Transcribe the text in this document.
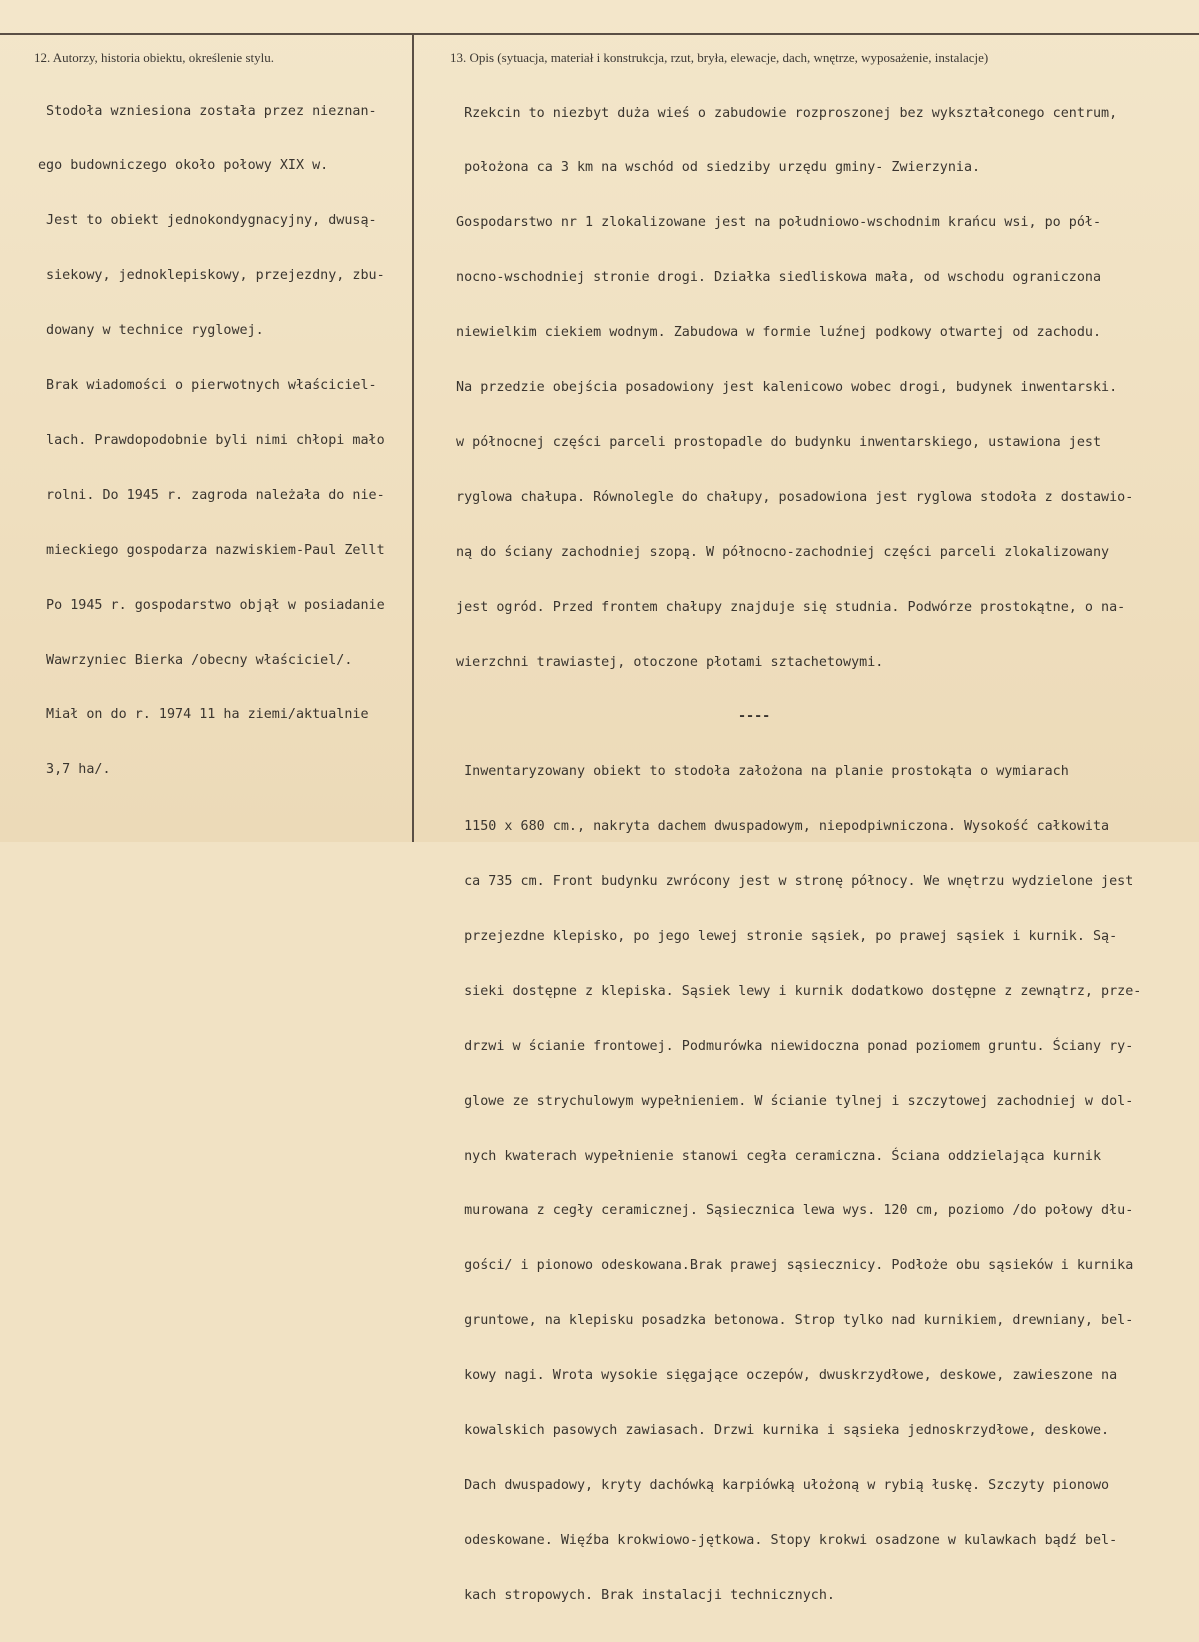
12. Autorzy, historia obiektu, określenie stylu.	13. Opis (sytuacja, materiał i konstrukcja, rzut, bryła, elewacje, dach, wnętrze, wyposażenie, instalacje)

Stodoła wzniesiona została przez nieznan-

ego budowniczego około połowy XIX w.

Jest to obiekt jednokondygnacyjny, dwusą-

siekowy, jednoklepiskowy, przejezdny, zbu-

dowany w technice ryglowej.

Brak wiadomości o pierwotnych właściciel-

lach. Prawdopodobnie byli nimi chłopi mało

rolni. Do 1945 r. zagroda należała do nie-

mieckiego gospodarza nazwiskiem-Paul Zellt

Po 1945 r. gospodarstwo objął w posiadanie

Wawrzyniec Bierka /obecny właściciel/.

Miał on do r. 1974 11 ha ziemi/aktualnie

3,7 ha/.

Rzekcin to niezbyt duża wieś o zabudowie rozproszonej bez wykształconego centrum,

położona ca 3 km na wschód od siedziby urzędu gminy- Zwierzynia.

Gospodarstwo nr 1 zlokalizowane jest na południowo-wschodnim krańcu wsi, po pół-

nocno-wschodniej stronie drogi. Działka siedliskowa mała, od wschodu ograniczona

niewielkim ciekiem wodnym. Zabudowa w formie luźnej podkowy otwartej od zachodu.

Na przedzie obejścia posadowiony jest kalenicowo wobec drogi, budynek inwentarski.

w północnej części parceli prostopadle do budynku inwentarskiego, ustawiona jest

ryglowa chałupa. Równolegle do chałupy, posadowiona jest ryglowa stodoła z dostawio-

ną do ściany zachodniej szopą. W północno-zachodniej części parceli zlokalizowany

jest ogród. Przed frontem chałupy znajduje się studnia. Podwórze prostokątne, o na-

wierzchni trawiastej, otoczone płotami sztachetowymi.

----

Inwentaryzowany obiekt to stodoła założona na planie prostokąta o wymiarach

1150 x 680 cm., nakryta dachem dwuspadowym, niepodpiwniczona. Wysokość całkowita

ca 735 cm. Front budynku zwrócony jest w stronę północy. We wnętrzu wydzielone jest

przejezdne klepisko, po jego lewej stronie sąsiek, po prawej sąsiek i kurnik. Są-

sieki dostępne z klepiska. Sąsiek lewy i kurnik dodatkowo dostępne z zewnątrz, prze-

drzwi w ścianie frontowej. Podmurówka niewidoczna ponad poziomem gruntu. Ściany ry-

glowe ze strychulowym wypełnieniem. W ścianie tylnej i szczytowej zachodniej w dol-

nych kwaterach wypełnienie stanowi cegła ceramiczna. Ściana oddzielająca kurnik

murowana z cegły ceramicznej. Sąsiecznica lewa wys. 120 cm, poziomo /do połowy dłu-

gości/ i pionowo odeskowana.Brak prawej sąsiecznicy. Podłoże obu sąsieków i kurnika

gruntowe, na klepisku posadzka betonowa. Strop tylko nad kurnikiem, drewniany, bel-

kowy nagi. Wrota wysokie sięgające oczepów, dwuskrzydłowe, deskowe, zawieszone na

kowalskich pasowych zawiasach. Drzwi kurnika i sąsieka jednoskrzydłowe, deskowe.

Dach dwuspadowy, kryty dachówką karpiówką ułożoną w rybią łuskę. Szczyty pionowo

odeskowane. Więźba krokwiowo-jętkowa. Stopy krokwi osadzone w kulawkach bądź bel-

kach stropowych. Brak instalacji technicznych.
